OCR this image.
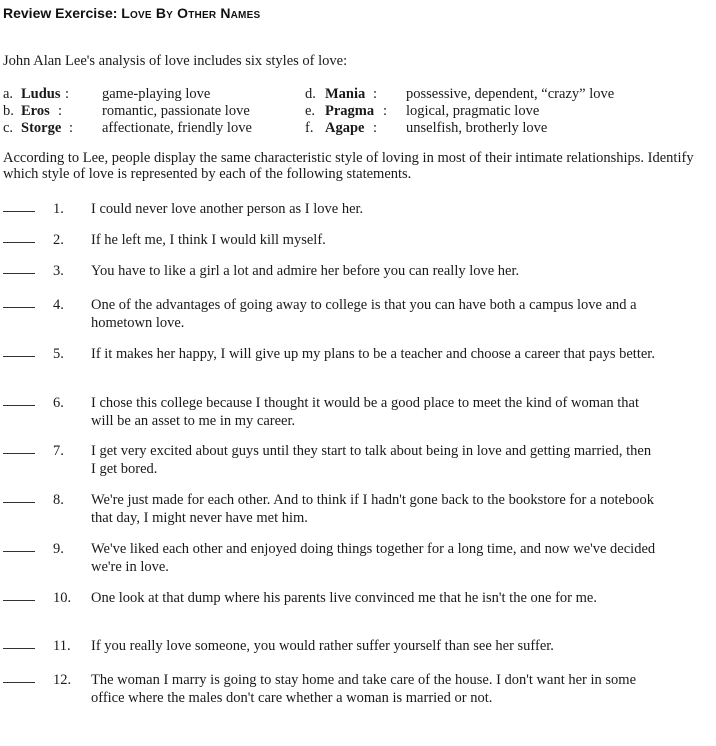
Review Exercise: Love By Other Names
John Alan Lee's analysis of love includes six styles of love:
a. Ludus : game-playing love
b. Eros :	romantic, passionate love
c. Storge : affectionate, friendly love
d. Mania : possessive, dependent, “crazy” love
e. Pragma : logical, pragmatic love
f. Agape : unselfish, brotherly love
According to Lee, people display the same characteristic style of loving in most of their intimate relationships. Identify which style of love is represented by each of the following statements.
1.	I could never love another person as I love her.
2.	If he left me, I think I would kill myself.
3.	You have to like a girl a lot and admire her before you can really love her.
4.	One of the advantages of going away to college is that you can have both a campus love and a hometown love.
5.	If it makes her happy, I will give up my plans to be a teacher and choose a career that pays better.
6.	I chose this college because I thought it would be a good place to meet the kind of woman that will be an asset to me in my career.
7.	I get very excited about guys until they start to talk about being in love and getting married, then I get bored.
8.	We're just made for each other. And to think if I hadn't gone back to the bookstore for a notebook that day, I might never have met him.
9.	We've liked each other and enjoyed doing things together for a long time, and now we've decided we're in love.
10.	One look at that dump where his parents live convinced me that he isn't the one for me.
11.	If you really love someone, you would rather suffer yourself than see her suffer.
12.	The woman I marry is going to stay home and take care of the house. I don't want her in some office where the males don't care whether a woman is married or not.
